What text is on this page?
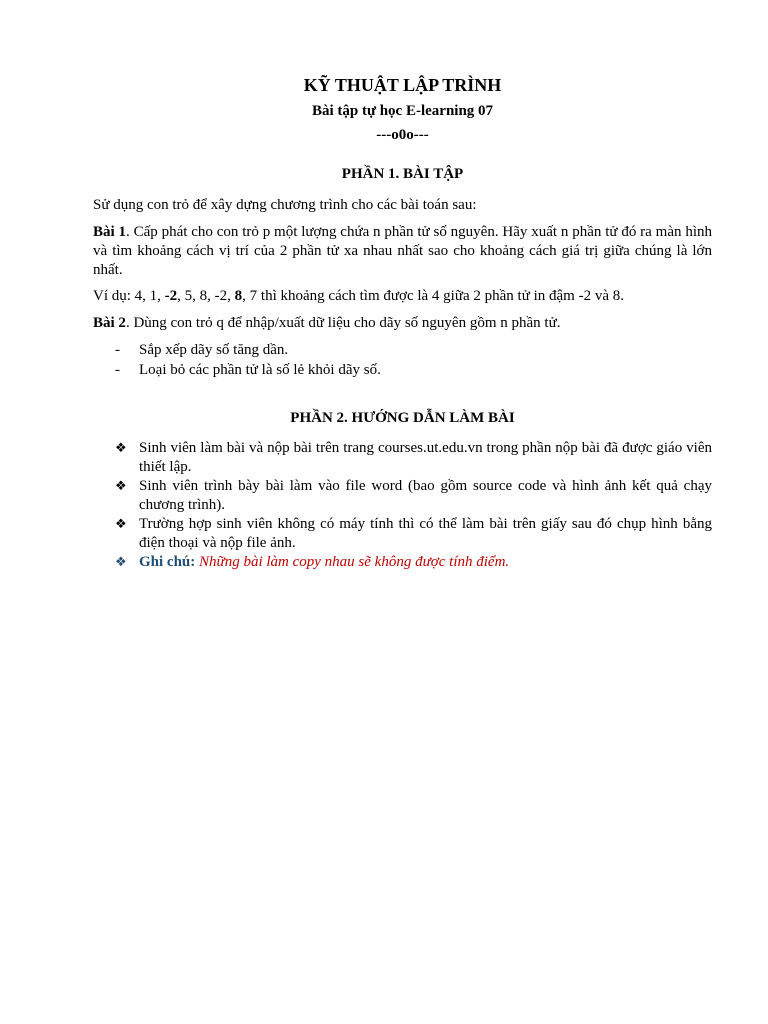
KỸ THUẬT LẬP TRÌNH
Bài tập tự học E-learning 07
---o0o---
PHẦN 1. BÀI TẬP

Sử dụng con trỏ để xây dựng chương trình cho các bài toán sau:

Bài 1. Cấp phát cho con trỏ p một lượng chứa n phần tử số nguyên. Hãy xuất n phần tử đó ra màn hình và tìm khoảng cách vị trí của 2 phần tử xa nhau nhất sao cho khoảng cách giá trị giữa chúng là lớn nhất.

Ví dụ: 4, 1, -2, 5, 8, -2, 8, 7 thì khoảng cách tìm được là 4 giữa 2 phần tử in đậm -2 và 8.

Bài 2. Dùng con trỏ q để nhập/xuất dữ liệu cho dãy số nguyên gồm n phần tử.

- Sắp xếp dãy số tăng dần.
- Loại bỏ các phần tử là số lẻ khỏi dãy số.
PHẦN 2. HƯỚNG DẪN LÀM BÀI
❖ Sinh viên làm bài và nộp bài trên trang courses.ut.edu.vn trong phần nộp bài đã được giáo viên thiết lập.
❖ Sinh viên trình bày bài làm vào file word (bao gồm source code và hình ảnh kết quả chạy chương trình).
❖ Trường hợp sinh viên không có máy tính thì có thể làm bài trên giấy sau đó chụp hình bằng điện thoại và nộp file ảnh.
❖ Ghi chú: Những bài làm copy nhau sẽ không được tính điểm.
